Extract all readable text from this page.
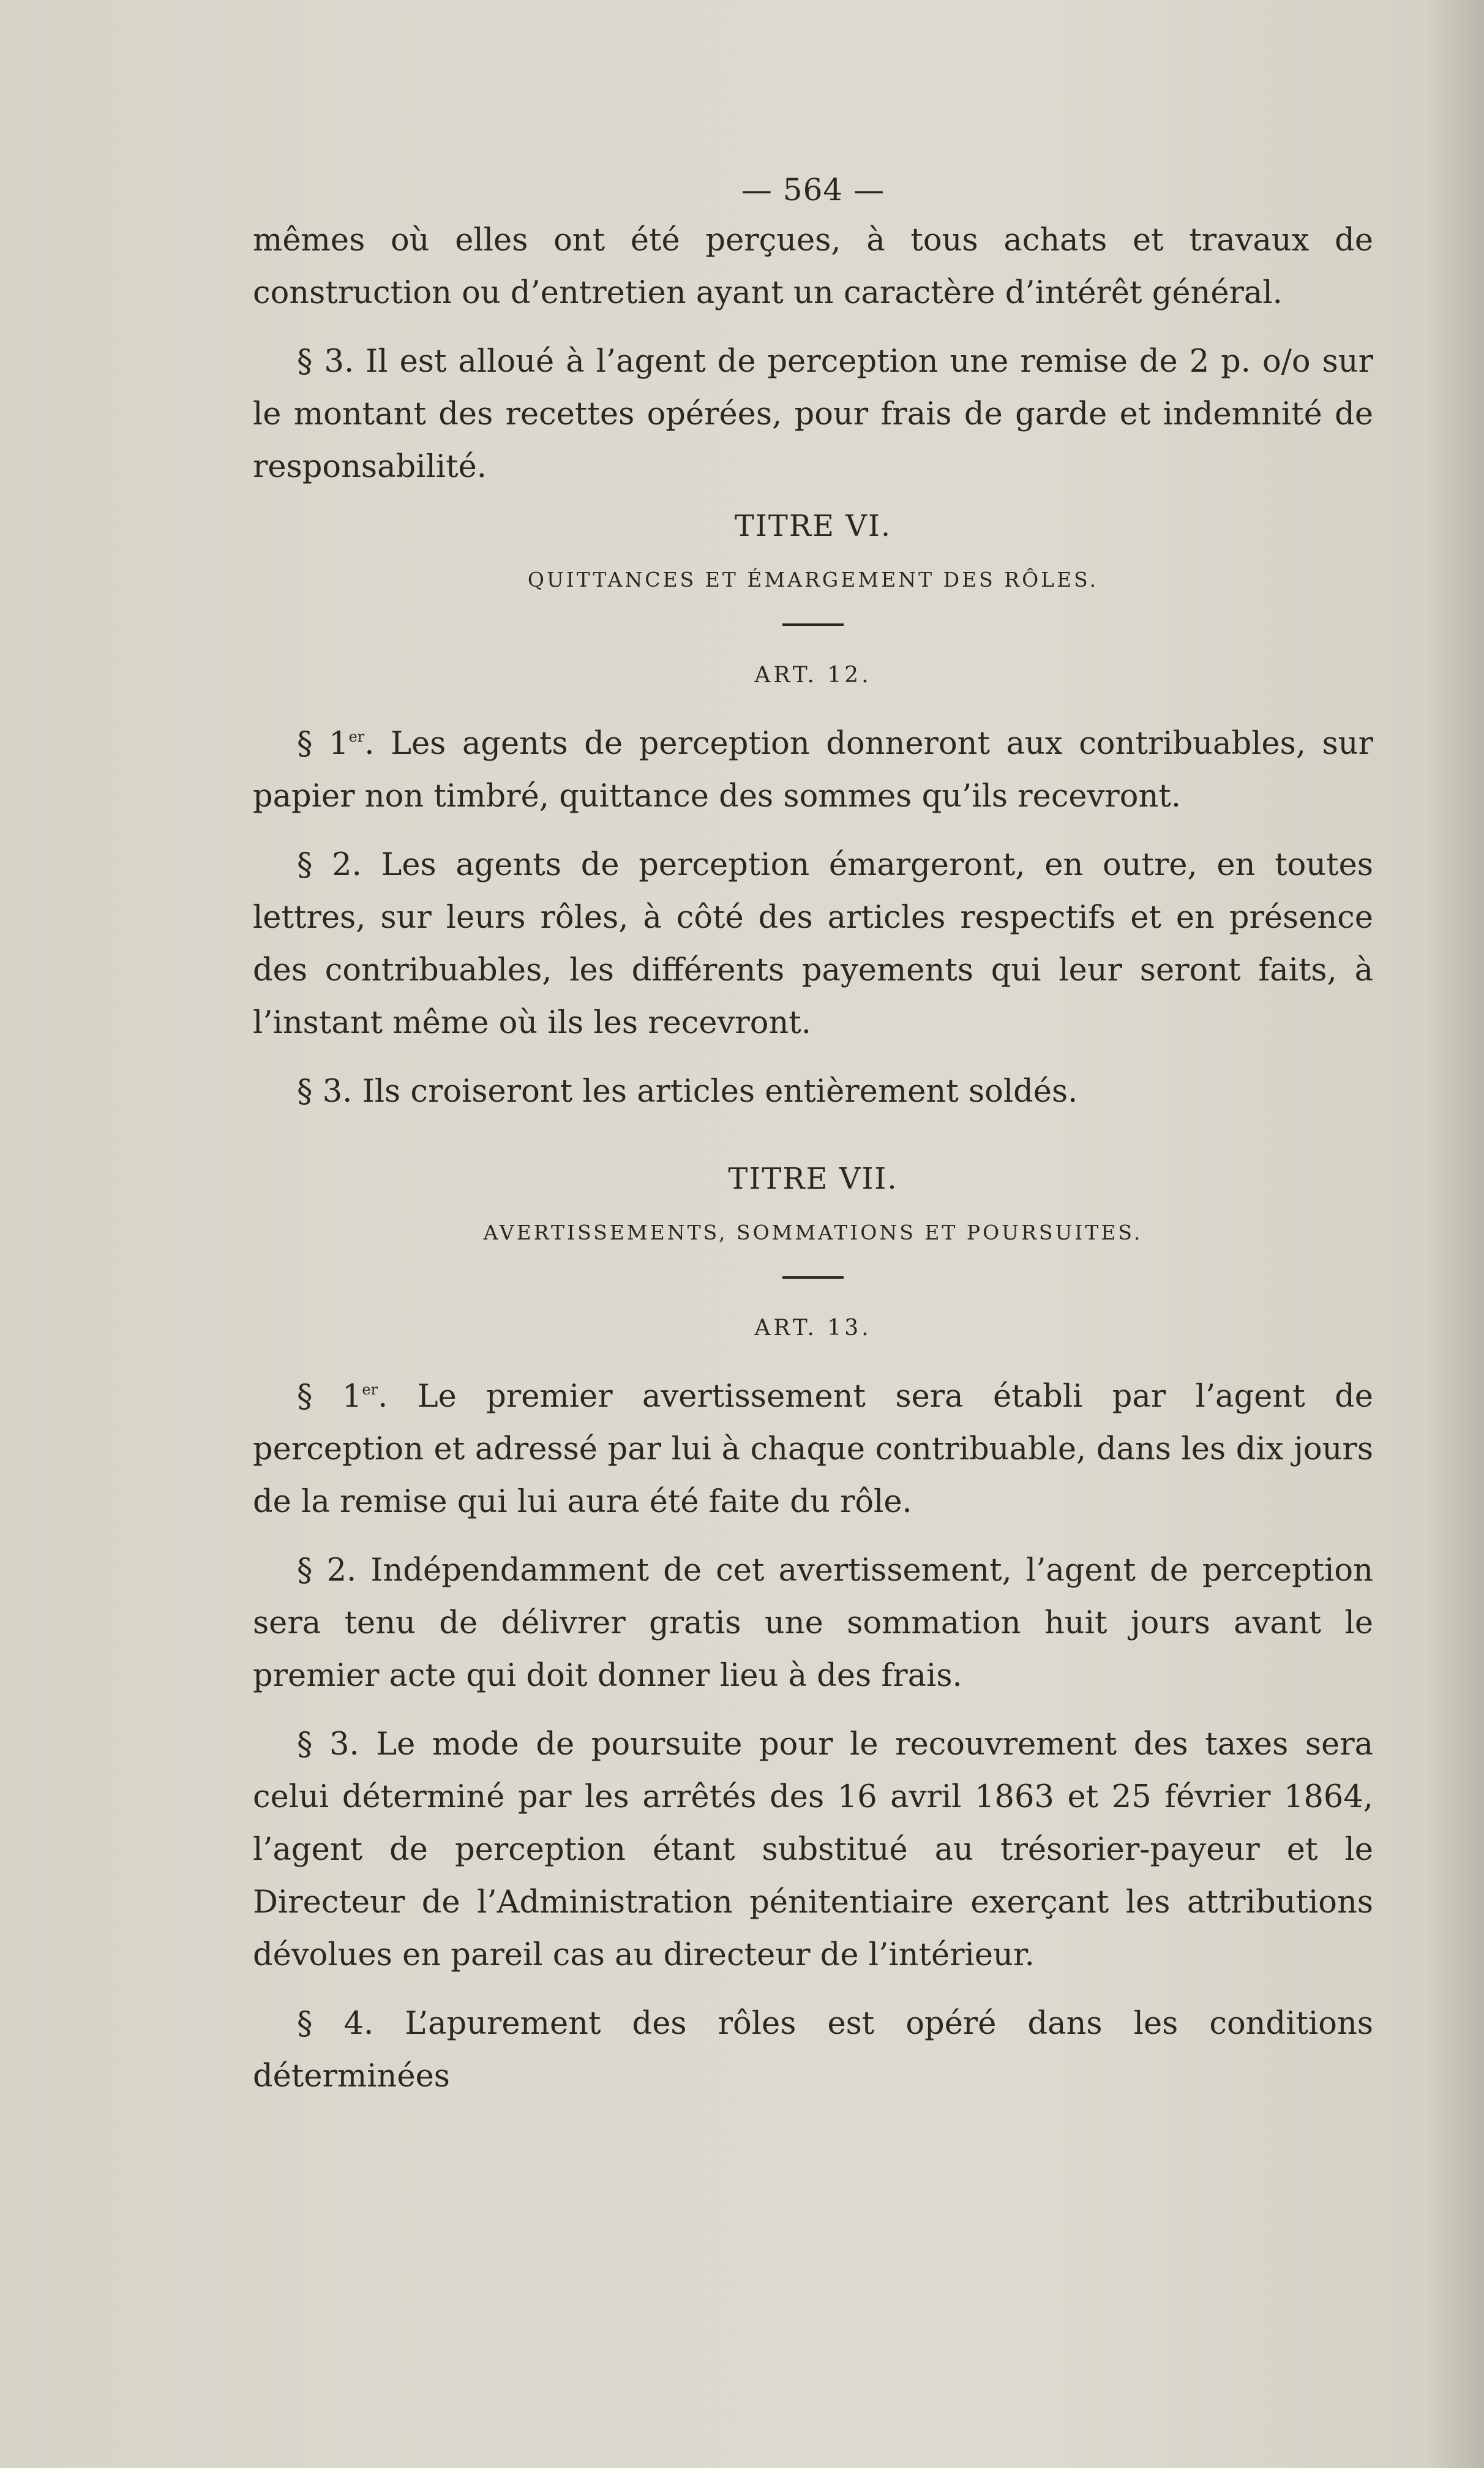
— 564 —

mêmes où elles ont été perçues, à tous achats et travaux de construction ou d’entretien ayant un caractère d’intérêt général.

§ 3. Il est alloué à l’agent de perception une remise de 2 p. o/o sur le montant des recettes opérées, pour frais de garde et indemnité de responsabilité.

TITRE VI.
QUITTANCES ET ÉMARGEMENT DES RÔLES.
ART. 12.

§ 1er. Les agents de perception donneront aux contribuables, sur papier non timbré, quittance des sommes qu’ils recevront.

§ 2. Les agents de perception émargeront, en outre, en toutes lettres, sur leurs rôles, à côté des articles respectifs et en présence des contribuables, les différents payements qui leur seront faits, à l’instant même où ils les recevront.

§ 3. Ils croiseront les articles entièrement soldés.

TITRE VII.
AVERTISSEMENTS, SOMMATIONS ET POURSUITES.
ART. 13.

§ 1er. Le premier avertissement sera établi par l’agent de perception et adressé par lui à chaque contribuable, dans les dix jours de la remise qui lui aura été faite du rôle.

§ 2. Indépendamment de cet avertissement, l’agent de perception sera tenu de délivrer gratis une sommation huit jours avant le premier acte qui doit donner lieu à des frais.

§ 3. Le mode de poursuite pour le recouvrement des taxes sera celui déterminé par les arrêtés des 16 avril 1863 et 25 février 1864, l’agent de perception étant substitué au trésorier-payeur et le Directeur de l’Administration pénitentiaire exerçant les attributions dévolues en pareil cas au directeur de l’intérieur.

§ 4. L’apurement des rôles est opéré dans les conditions déterminées
